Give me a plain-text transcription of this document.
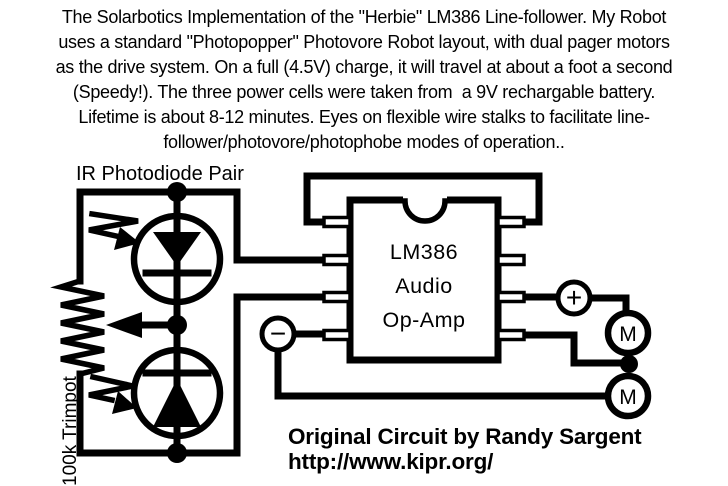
The Solarbotics Implementation of the "Herbie" LM386 Line-follower. My Robot
uses a standard "Photopopper" Photovore Robot layout, with dual pager motors
as the drive system. On a full (4.5V) charge, it will travel at about a foot a second
(Speedy!). The three power cells were taken from  a 9V rechargable battery.
Lifetime is about 8-12 minutes. Eyes on flexible wire stalks to facilitate line-
follower/photovore/photophobe modes of operation..
−
+
M
M
IR Photodiode Pair
100k Trimpot
LM386
Audio
Op-Amp
Original Circuit by Randy Sargent
http://www.kipr.org/
